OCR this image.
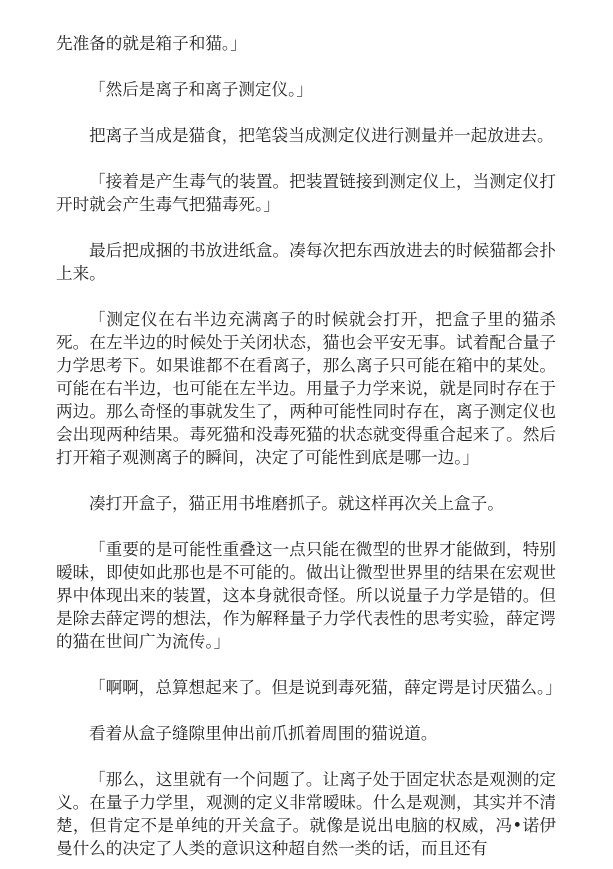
先准备的就是箱子和猫。」

「然后是离子和离子测定仪。」

把离子当成是猫食，把笔袋当成测定仪进行测量并一起放进去。

「接着是产生毒气的装置。把装置链接到测定仪上，当测定仪打开时就会产生毒气把猫毒死。」

最后把成捆的书放进纸盒。凑每次把东西放进去的时候猫都会扑上来。

「测定仪在右半边充满离子的时候就会打开，把盒子里的猫杀死。在左半边的时候处于关闭状态，猫也会平安无事。试着配合量子力学思考下。如果谁都不在看离子，那么离子只可能在箱中的某处。可能在右半边，也可能在左半边。用量子力学来说，就是同时存在于两边。那么奇怪的事就发生了，两种可能性同时存在，离子测定仪也会出现两种结果。毒死猫和没毒死猫的状态就变得重合起来了。然后打开箱子观测离子的瞬间，决定了可能性到底是哪一边。」

凑打开盒子，猫正用书堆磨抓子。就这样再次关上盒子。

「重要的是可能性重叠这一点只能在微型的世界才能做到，特别暧昧，即使如此那也是不可能的。做出让微型世界里的结果在宏观世界中体现出来的装置，这本身就很奇怪。所以说量子力学是错的。但是除去薛定谔的想法，作为解释量子力学代表性的思考实验，薛定谔的猫在世间广为流传。」

「啊啊，总算想起来了。但是说到毒死猫，薛定谔是讨厌猫么。」

看着从盒子缝隙里伸出前爪抓着周围的猫说道。

「那么，这里就有一个问题了。让离子处于固定状态是观测的定义。在量子力学里，观测的定义非常暧昧。什么是观测，其实并不清楚，但肯定不是单纯的开关盒子。就像是说出电脑的权威，冯•诺伊曼什么的决定了人类的意识这种超自然一类的话，而且还有
